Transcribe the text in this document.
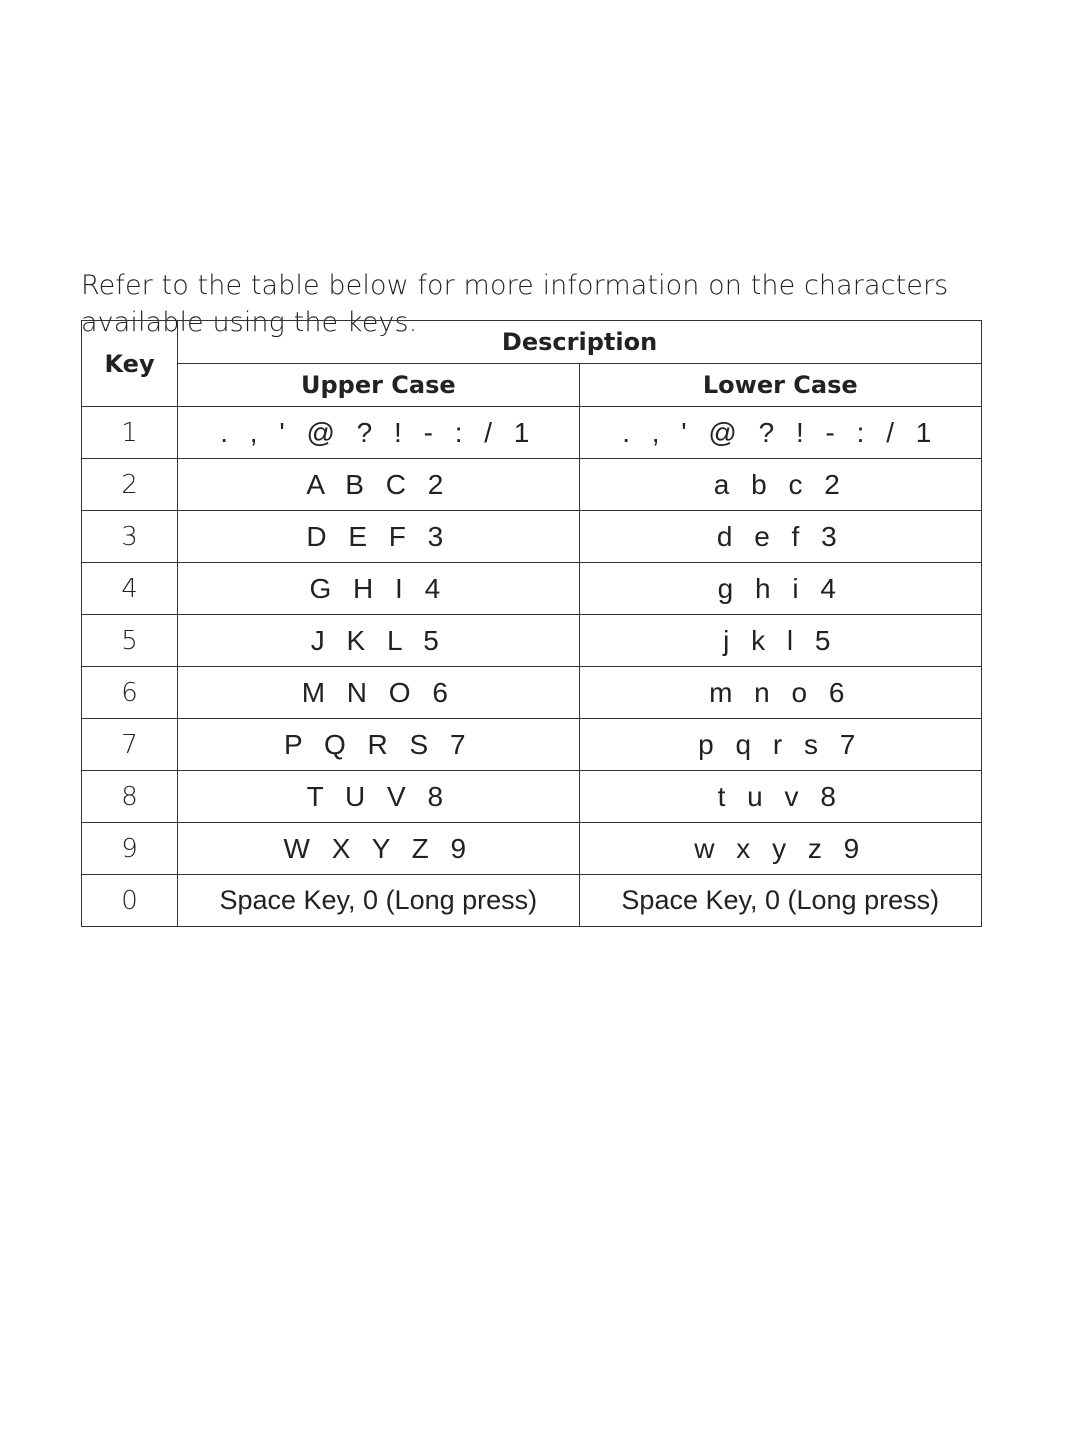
Refer to the table below for more information on the characters available using the keys.

Key	Description	
	Upper Case	Lower Case
1	. , ' @ ? ! - : / 1	. , ' @ ? ! - : / 1
2	A B C 2	a b c 2
3	D E F 3	d e f 3
4	G H I 4	g h i 4
5	J K L 5	j k l 5
6	M N O 6	m n o 6
7	P Q R S 7	p q r s 7
8	T U V 8	t u v 8
9	W X Y Z 9	w x y z 9
0	Space Key, 0 (Long press)	Space Key, 0 (Long press)
